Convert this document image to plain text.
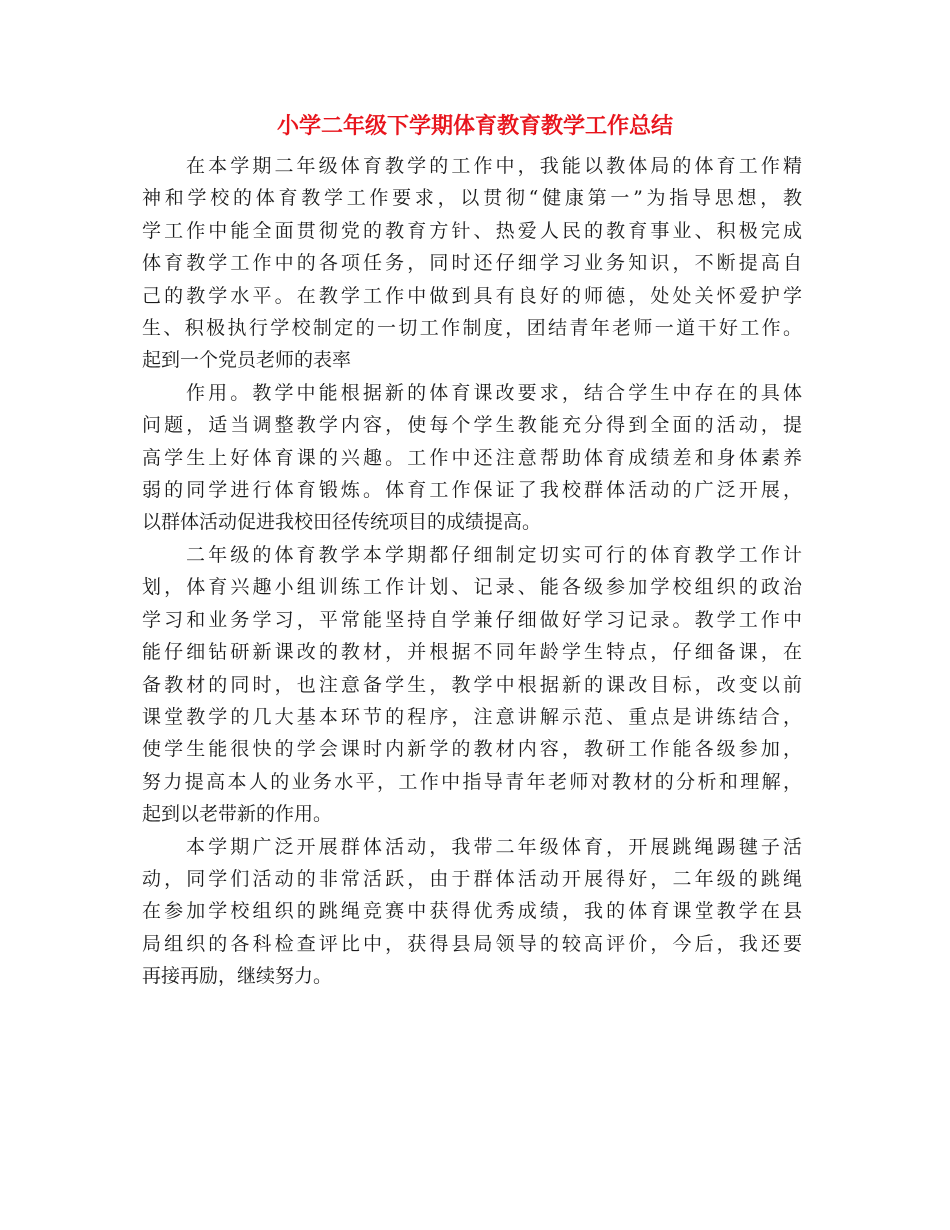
小学二年级下学期体育教育教学工作总结

在本学期二年级体育教学的工作中，我能以教体局的体育工作精
神和学校的体育教学工作要求，以贯彻“健康第一”为指导思想，教
学工作中能全面贯彻党的教育方针、热爱人民的教育事业、积极完成
体育教学工作中的各项任务，同时还仔细学习业务知识，不断提高自
己的教学水平。在教学工作中做到具有良好的师德，处处关怀爱护学
生、积极执行学校制定的一切工作制度，团结青年老师一道干好工作。
起到一个党员老师的表率

作用。教学中能根据新的体育课改要求，结合学生中存在的具体
问题，适当调整教学内容，使每个学生教能充分得到全面的活动，提
高学生上好体育课的兴趣。工作中还注意帮助体育成绩差和身体素养
弱的同学进行体育锻炼。体育工作保证了我校群体活动的广泛开展，
以群体活动促进我校田径传统项目的成绩提高。

二年级的体育教学本学期都仔细制定切实可行的体育教学工作计
划，体育兴趣小组训练工作计划、记录、能各级参加学校组织的政治
学习和业务学习，平常能坚持自学兼仔细做好学习记录。教学工作中
能仔细钻研新课改的教材，并根据不同年龄学生特点，仔细备课，在
备教材的同时，也注意备学生，教学中根据新的课改目标，改变以前
课堂教学的几大基本环节的程序，注意讲解示范、重点是讲练结合，
使学生能很快的学会课时内新学的教材内容，教研工作能各级参加，
努力提高本人的业务水平，工作中指导青年老师对教材的分析和理解，
起到以老带新的作用。

本学期广泛开展群体活动，我带二年级体育，开展跳绳踢毽子活
动，同学们活动的非常活跃，由于群体活动开展得好，二年级的跳绳
在参加学校组织的跳绳竞赛中获得优秀成绩，我的体育课堂教学在县
局组织的各科检查评比中，获得县局领导的较高评价，今后，我还要
再接再励，继续努力。
